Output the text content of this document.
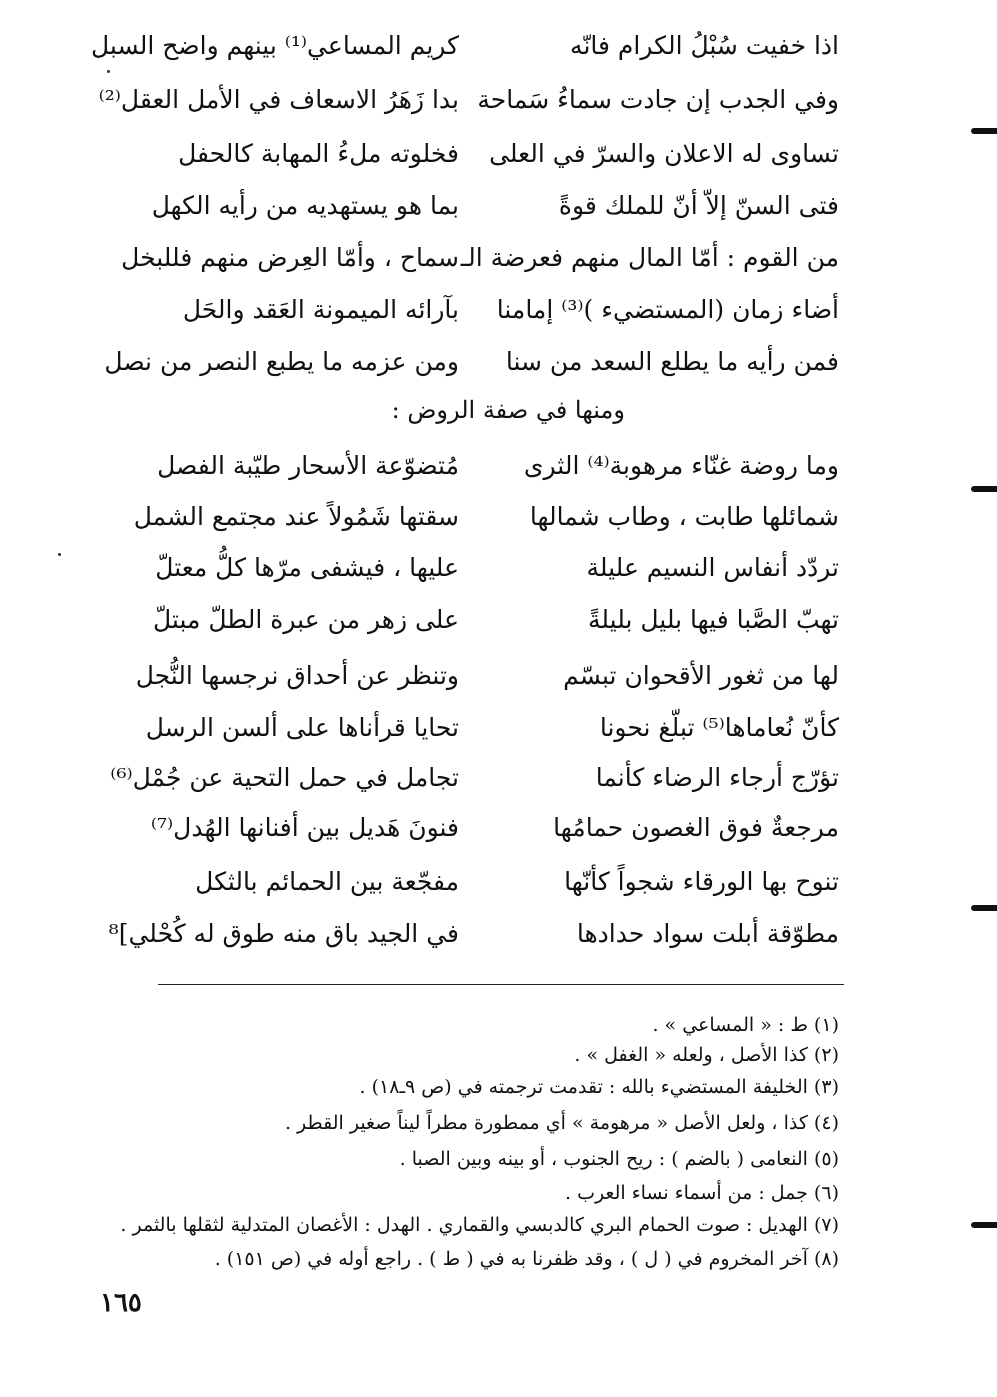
اذا خفيت سُبْلُ الكرام فانّه
وفي الجدب إن جادت سماءُ سَماحة
تساوى له الاعلان والسرّ في العلى
فتى السنّ إلاّ أنّ للملك قوةً
من القوم : أمّا المال منهم فعرضة الـ
أضاء زمان (المستضيء )⁽³⁾ إمامنا
فمن رأيه ما يطلع السعد من سنا
كريم المساعي⁽¹⁾ بينهم واضح السبل
بدا زَهَرُ الاسعاف في الأمل العقل⁽²⁾
فخلوته ملءُ المهابة كالحفل
بما هو يستهديه من رأيه الكهل
سماح ، وأمّا العِرض منهم فللبخل
بآرائه الميمونة العَقد والحَل
ومن عزمه ما يطبع النصر من نصل
ومنها في صفة الروض :
وما روضة غنّاء مرهوبة⁽⁴⁾ الثرى
شمائلها طابت ، وطاب شمالها
تردّد أنفاس النسيم عليلة
تهبّ الصَّبا فيها بليل بليلةً
لها من ثغور الأقحوان تبسّم
كأنّ نُعاماها⁽⁵⁾ تبلّغ نحونا
تؤرّج أرجاء الرضاء كأنما
مرجعةٌ فوق الغصون حمامُها
تنوح بها الورقاء شجواً كأنّها
مطوّقة أبلت سواد حدادها
مُتضوّعة الأسحار طيّبة الفصل
سقتها شَمُولاً عند مجتمع الشمل
عليها ، فيشفى مرّها كلُّ معتلّ
على زهر من عبرة الطلّ مبتلّ
وتنظر عن أحداق نرجسها النُّجل
تحايا قرأناها على ألسن الرسل
تجامل في حمل التحية عن جُمْل⁽⁶⁾
فنونَ هَديل بين أفنانها الهُدل⁽⁷⁾
مفجّعة بين الحمائم بالثكل
في الجيد باق منه طوق له كُحْلي]⁸
(١) ط : « المساعي » .
(٢) كذا الأصل ، ولعله « الغفل » .
(٣) الخليفة المستضيء بالله : تقدمت ترجمته في (ص ٩ـ١٨) .
(٤) كذا ، ولعل الأصل « مرهومة » أي ممطورة مطراً ليناً صغير القطر .
(٥) النعامى ( بالضم ) : ريح الجنوب ، أو بينه وبين الصبا .
(٦) جمل : من أسماء نساء العرب .
(٧) الهديل : صوت الحمام البري كالدبسي والقماري . الهدل : الأغصان المتدلية لثقلها بالثمر .
(٨) آخر المخروم في ( ل ) ، وقد ظفرنا به في ( ط ) . راجع أوله في (ص ١٥١) .
١٦٥
